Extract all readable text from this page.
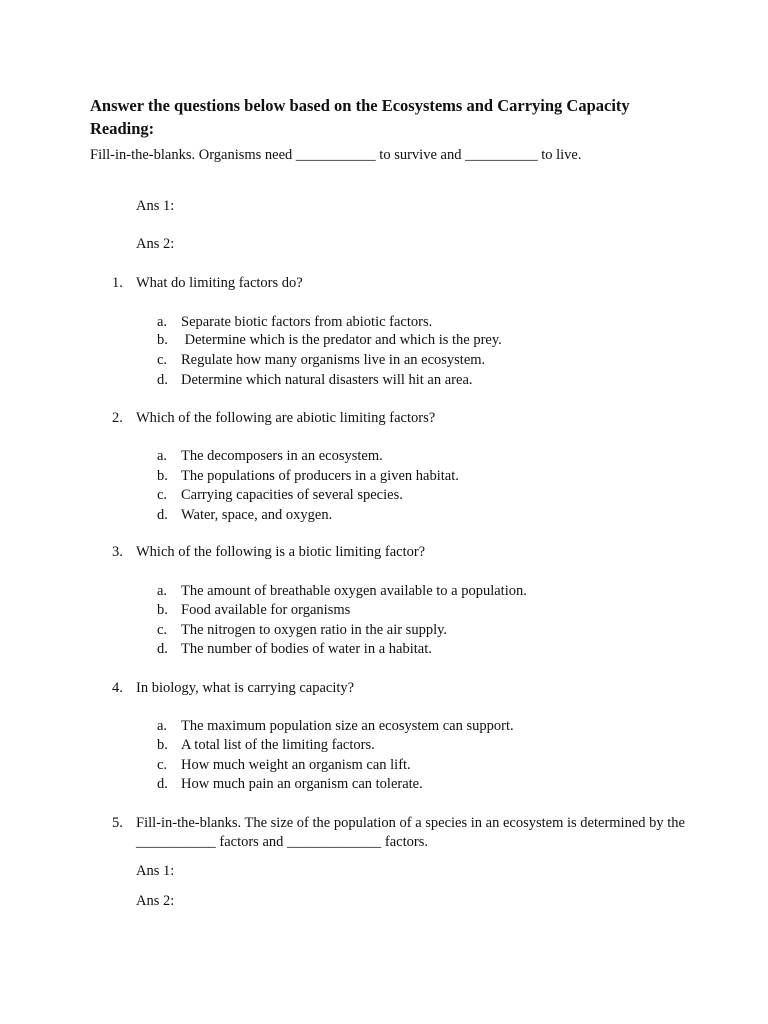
Answer the questions below based on the Ecosystems and Carrying Capacity Reading:
Fill-in-the-blanks. Organisms need ___________ to survive and __________ to live.
Ans 1:
Ans 2:
1. What do limiting factors do?
a. Separate biotic factors from abiotic factors.
b. Determine which is the predator and which is the prey.
c. Regulate how many organisms live in an ecosystem.
d. Determine which natural disasters will hit an area.
2. Which of the following are abiotic limiting factors?
a. The decomposers in an ecosystem.
b. The populations of producers in a given habitat.
c. Carrying capacities of several species.
d. Water, space, and oxygen.
3. Which of the following is a biotic limiting factor?
a. The amount of breathable oxygen available to a population.
b. Food available for organisms
c. The nitrogen to oxygen ratio in the air supply.
d. The number of bodies of water in a habitat.
4. In biology, what is carrying capacity?
a. The maximum population size an ecosystem can support.
b. A total list of the limiting factors.
c. How much weight an organism can lift.
d. How much pain an organism can tolerate.
5. Fill-in-the-blanks. The size of the population of a species in an ecosystem is determined by the ___________ factors and _____________ factors.
Ans 1:
Ans 2:
